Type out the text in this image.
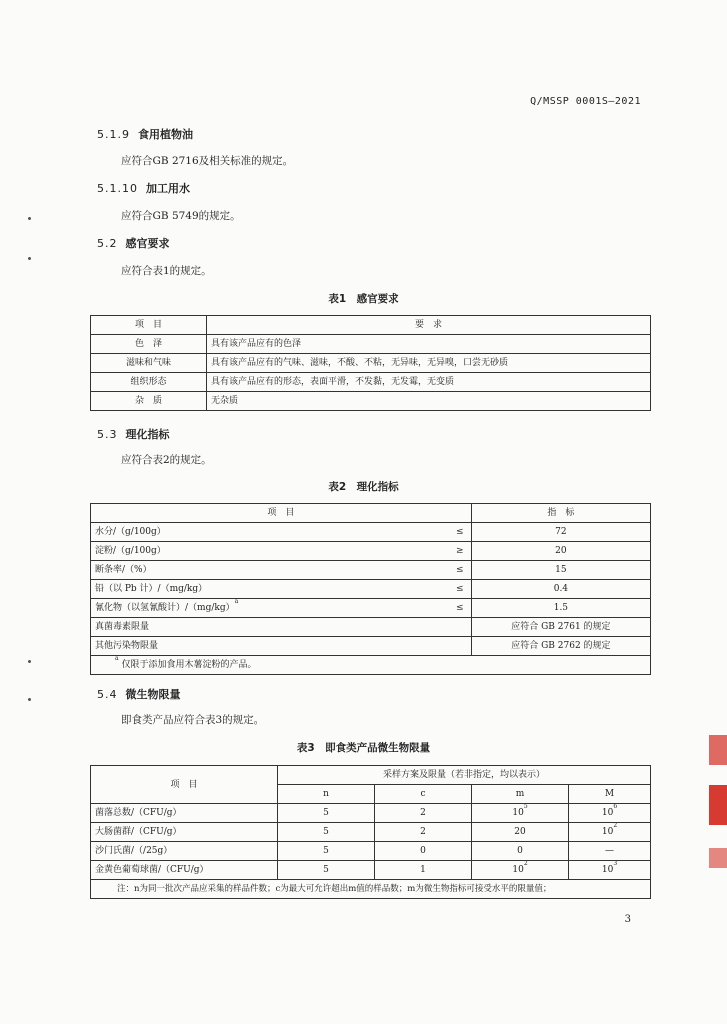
Q/MSSP 0001S—2021
5.1.9 食用植物油
应符合GB 2716及相关标准的规定。
5.1.10 加工用水
应符合GB 5749的规定。
5.2 感官要求
应符合表1的规定。
表1　感官要求
项　目	要　求
色　泽	具有该产品应有的色泽
滋味和气味	具有该产品应有的气味、滋味，不酸、不粘，无异味，无异嗅，口尝无砂质
组织形态	具有该产品应有的形态，表面平滑，不发黏，无发霉，无变质
杂　质	无杂质
5.3 理化指标
应符合表2的规定。
表2　理化指标
项　目		指　标
水分/（g/100g）	≤	72
淀粉/（g/100g）	≥	20
断条率/（%）	≤	15
铅（以 Pb 计）/（mg/kg）	≤	0.4
氰化物（以氢氰酸计）$/(mg/kg)^a$	≤	1.5
真菌毒素限量		应符合 GB 2761 的规定
其他污染物限量		应符合 GB 2762 的规定
$^a$ 仅限于添加食用木薯淀粉的产品。		
5.4 微生物限量
即食类产品应符合表3的规定。
表3　即食类产品微生物限量
项　目	采样方案及限量（若非指定，均以表示）			
	n	c	m	M
菌落总数/（CFU/g）	5	2	$10^5$	$10^6$
大肠菌群/（CFU/g）	5	2	20	$10^2$
沙门氏菌/（/25g）	5	0	0	—
金黄色葡萄球菌/（CFU/g）	5	1	$10^2$	$10^3$
注：n为同一批次产品应采集的样品件数；c为最大可允许超出m值的样品数；m为微生物指标可接受水平的限量值；				
3
